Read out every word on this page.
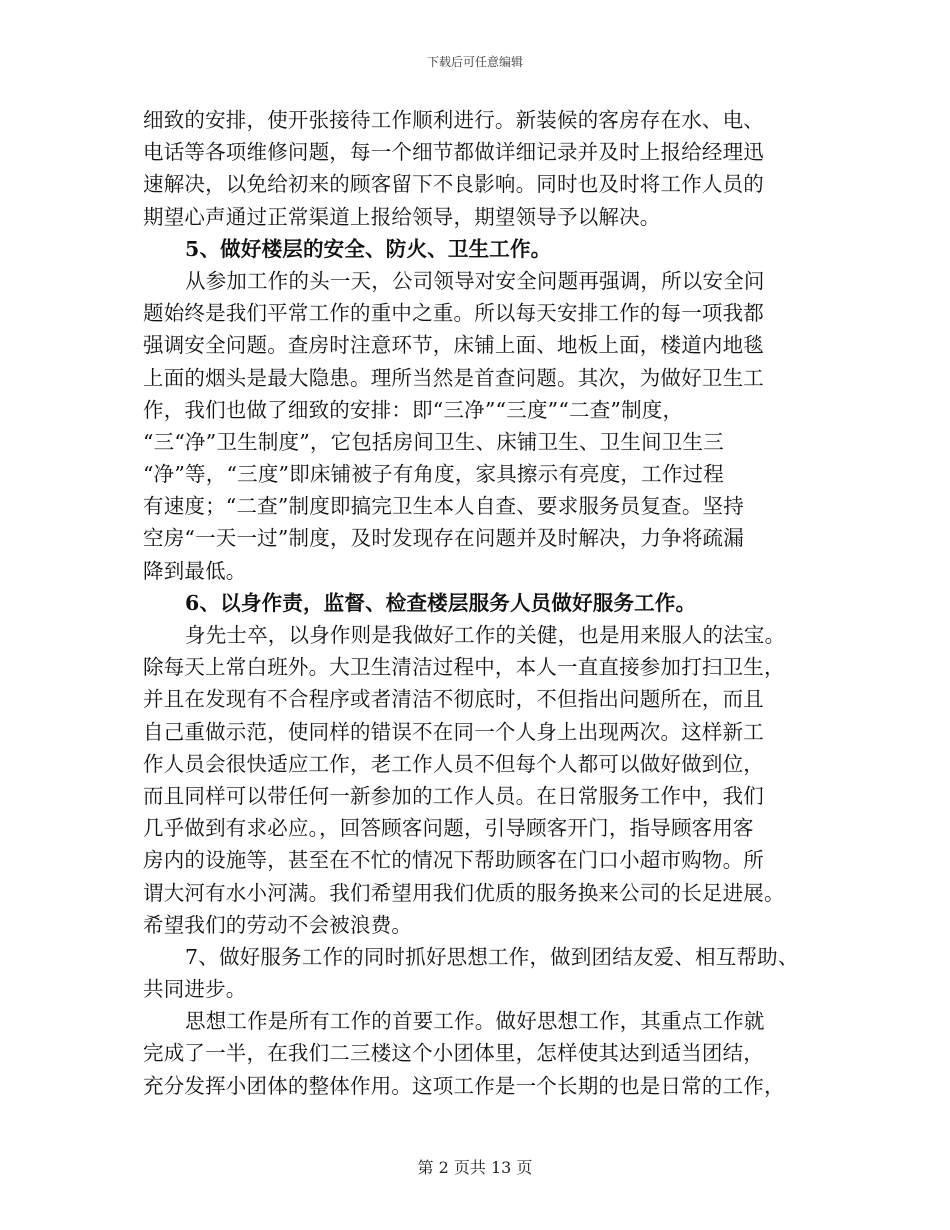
下载后可任意编辑
细致的安排，使开张接待工作顺利进行。新装候的客房存在水、电、
电话等各项维修问题，每一个细节都做详细记录并及时上报给经理迅
速解决，以免给初来的顾客留下不良影响。同时也及时将工作人员的
期望心声通过正常渠道上报给领导，期望领导予以解决。
5、做好楼层的安全、防火、卫生工作。
从参加工作的头一天，公司领导对安全问题再强调，所以安全问
题始终是我们平常工作的重中之重。所以每天安排工作的每一项我都
强调安全问题。查房时注意环节，床铺上面、地板上面，楼道内地毯
上面的烟头是最大隐患。理所当然是首查问题。其次，为做好卫生工
作，我们也做了细致的安排：即“三净”“三度”“二查”制度，
“三“净”卫生制度”，它包括房间卫生、床铺卫生、卫生间卫生三
“净”等，“三度”即床铺被子有角度，家具擦示有亮度，工作过程
有速度；“二查”制度即搞完卫生本人自查、要求服务员复查。坚持
空房“一天一过”制度，及时发现存在问题并及时解决，力争将疏漏
降到最低。
6、以身作责，监督、检查楼层服务人员做好服务工作。
身先士卒，以身作则是我做好工作的关健，也是用来服人的法宝。
除每天上常白班外。大卫生清洁过程中，本人一直直接参加打扫卫生，
并且在发现有不合程序或者清洁不彻底时，不但指出问题所在，而且
自己重做示范，使同样的错误不在同一个人身上出现两次。这样新工
作人员会很快适应工作，老工作人员不但每个人都可以做好做到位，
而且同样可以带任何一新参加的工作人员。在日常服务工作中，我们
几乎做到有求必应。，回答顾客问题，引导顾客开门，指导顾客用客
房内的设施等，甚至在不忙的情况下帮助顾客在门口小超市购物。所
谓大河有水小河满。我们希望用我们优质的服务换来公司的长足进展。
希望我们的劳动不会被浪费。
7、做好服务工作的同时抓好思想工作，做到团结友爱、相互帮助、
共同进步。
思想工作是所有工作的首要工作。做好思想工作，其重点工作就
完成了一半，在我们二三楼这个小团体里，怎样使其达到适当团结，
充分发挥小团体的整体作用。这项工作是一个长期的也是日常的工作，
第 2 页共 13 页
